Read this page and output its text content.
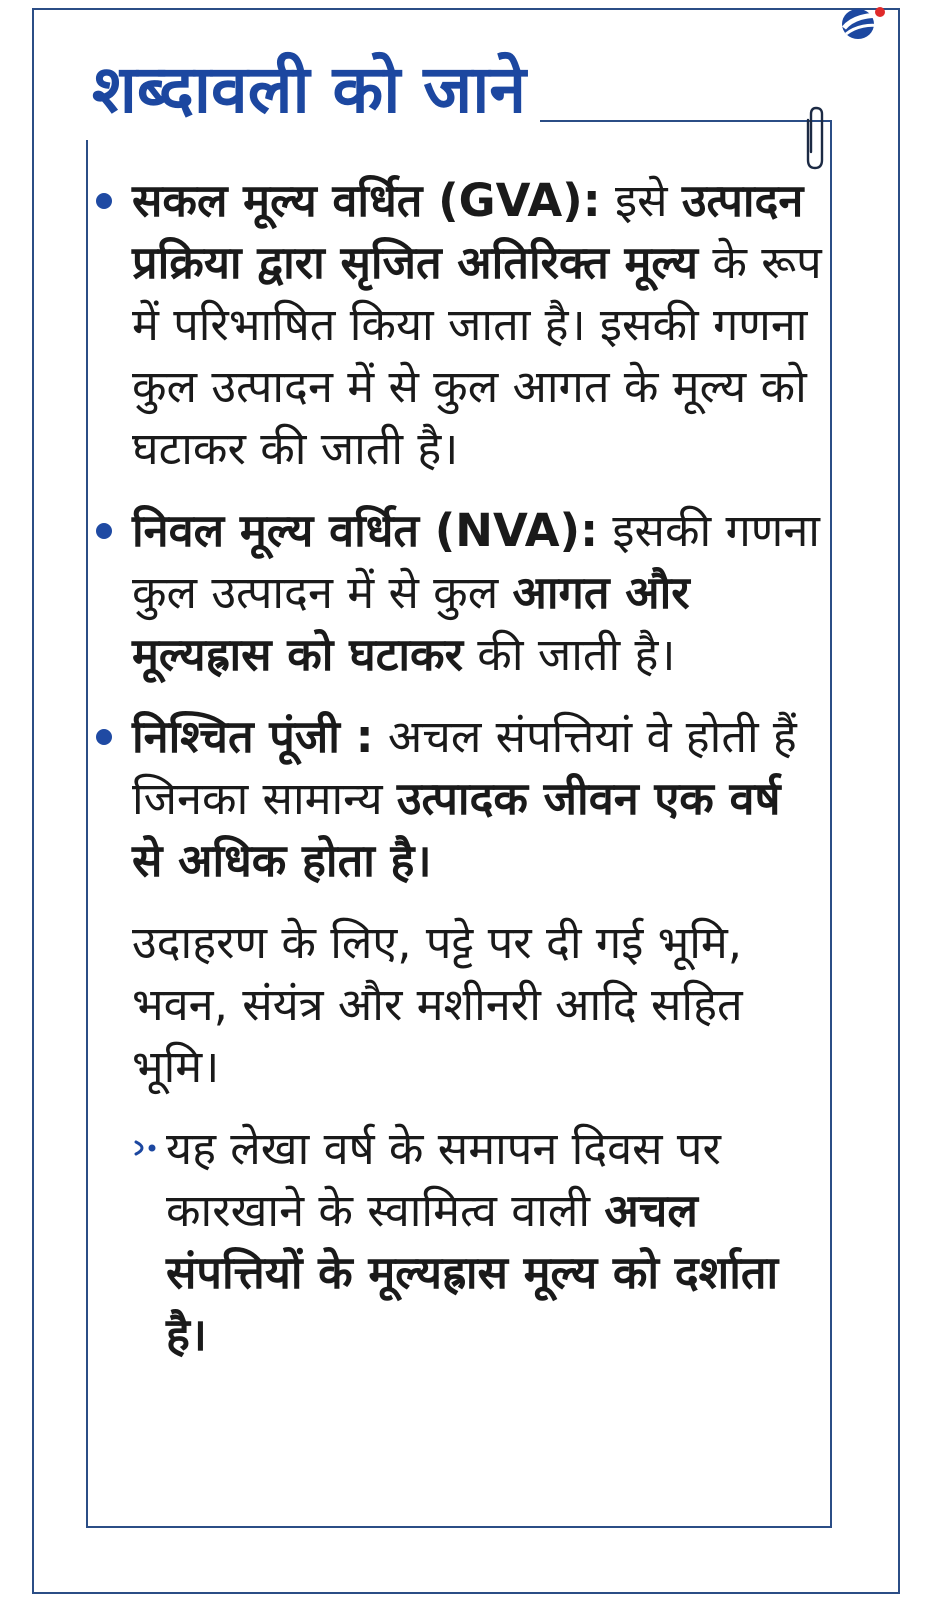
शब्दावली को जाने
सकल मूल्य वर्धित (GVA): इसे उत्पादन प्रक्रिया द्वारा सृजित अतिरिक्त मूल्य के रूप में परिभाषित किया जाता है। इसकी गणना कुल उत्पादन में से कुल आगत के मूल्य को घटाकर की जाती है।
निवल मूल्य वर्धित (NVA): इसकी गणना कुल उत्पादन में से कुल आगत और मूल्यह्रास को घटाकर की जाती है।
निश्चित पूंजी : अचल संपत्तियां वे होती हैं जिनका सामान्य उत्पादक जीवन एक वर्ष से अधिक होता है।
उदाहरण के लिए, पट्टे पर दी गई भूमि, भवन, संयंत्र और मशीनरी आदि सहित भूमि।
यह लेखा वर्ष के समापन दिवस पर कारखाने के स्वामित्व वाली अचल संपत्तियों के मूल्यह्रास मूल्य को दर्शाता है।
